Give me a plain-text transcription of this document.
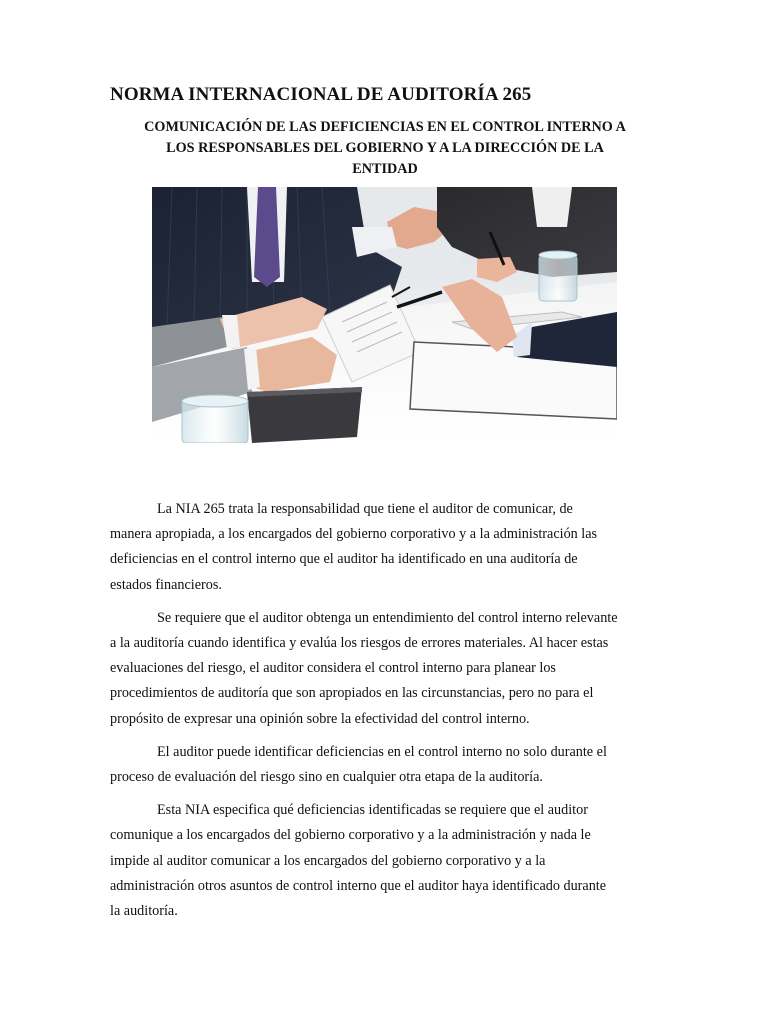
NORMA INTERNACIONAL DE AUDITORÍA 265
COMUNICACIÓN DE LAS DEFICIENCIAS EN EL CONTROL INTERNO A
LOS RESPONSABLES DEL GOBIERNO Y A LA DIRECCIÓN DE LA
ENTIDAD

La NIA 265 trata la responsabilidad que tiene el auditor de comunicar, de
manera apropiada, a los encargados del gobierno corporativo y a la administración las
deficiencias en el control interno que el auditor ha identificado en una auditoría de
estados financieros.

Se requiere que el auditor obtenga un entendimiento del control interno relevante
a la auditoría cuando identifica y evalúa los riesgos de errores materiales. Al hacer estas
evaluaciones del riesgo, el auditor considera el control interno para planear los
procedimientos de auditoría que son apropiados en las circunstancias, pero no para el
propósito de expresar una opinión sobre la efectividad del control interno.

El auditor puede identificar deficiencias en el control interno no solo durante el
proceso de evaluación del riesgo sino en cualquier otra etapa de la auditoría.

Esta NIA especifica qué deficiencias identificadas se requiere que el auditor
comunique a los encargados del gobierno corporativo y a la administración y nada le
impide al auditor comunicar a los encargados del gobierno corporativo y a la
administración otros asuntos de control interno que el auditor haya identificado durante
la auditoría.
